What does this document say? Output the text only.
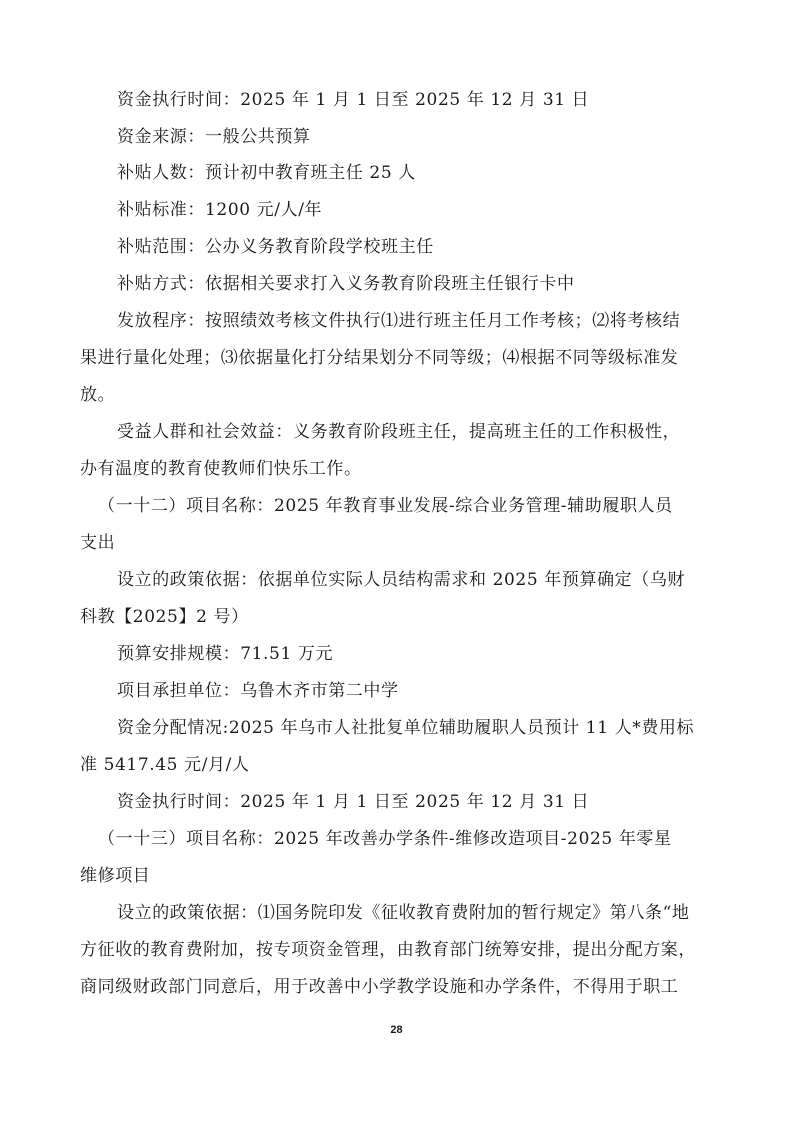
资金执行时间：2025 年 1 月 1 日至 2025 年 12 月 31 日
资金来源：一般公共预算
补贴人数：预计初中教育班主任 25 人
补贴标准：1200 元/人/年
补贴范围：公办义务教育阶段学校班主任
补贴方式：依据相关要求打入义务教育阶段班主任银行卡中
发放程序：按照绩效考核文件执行⑴进行班主任月工作考核；⑵将考核结
果进行量化处理；⑶依据量化打分结果划分不同等级；⑷根据不同等级标准发
放。
受益人群和社会效益：义务教育阶段班主任，提高班主任的工作积极性，
办有温度的教育使教师们快乐工作。
（一十二）项目名称：2025 年教育事业发展-综合业务管理-辅助履职人员
支出
设立的政策依据：依据单位实际人员结构需求和 2025 年预算确定（乌财
科教【2025】2 号）
预算安排规模：71.51 万元
项目承担单位：乌鲁木齐市第二中学
资金分配情况:2025 年乌市人社批复单位辅助履职人员预计 11 人*费用标
准 5417.45 元/月/人
资金执行时间：2025 年 1 月 1 日至 2025 年 12 月 31 日
（一十三）项目名称：2025 年改善办学条件-维修改造项目-2025 年零星
维修项目
设立的政策依据：⑴国务院印发《征收教育费附加的暂行规定》第八条“地
方征收的教育费附加，按专项资金管理，由教育部门统筹安排，提出分配方案，
商同级财政部门同意后，用于改善中小学教学设施和办学条件，不得用于职工
28
